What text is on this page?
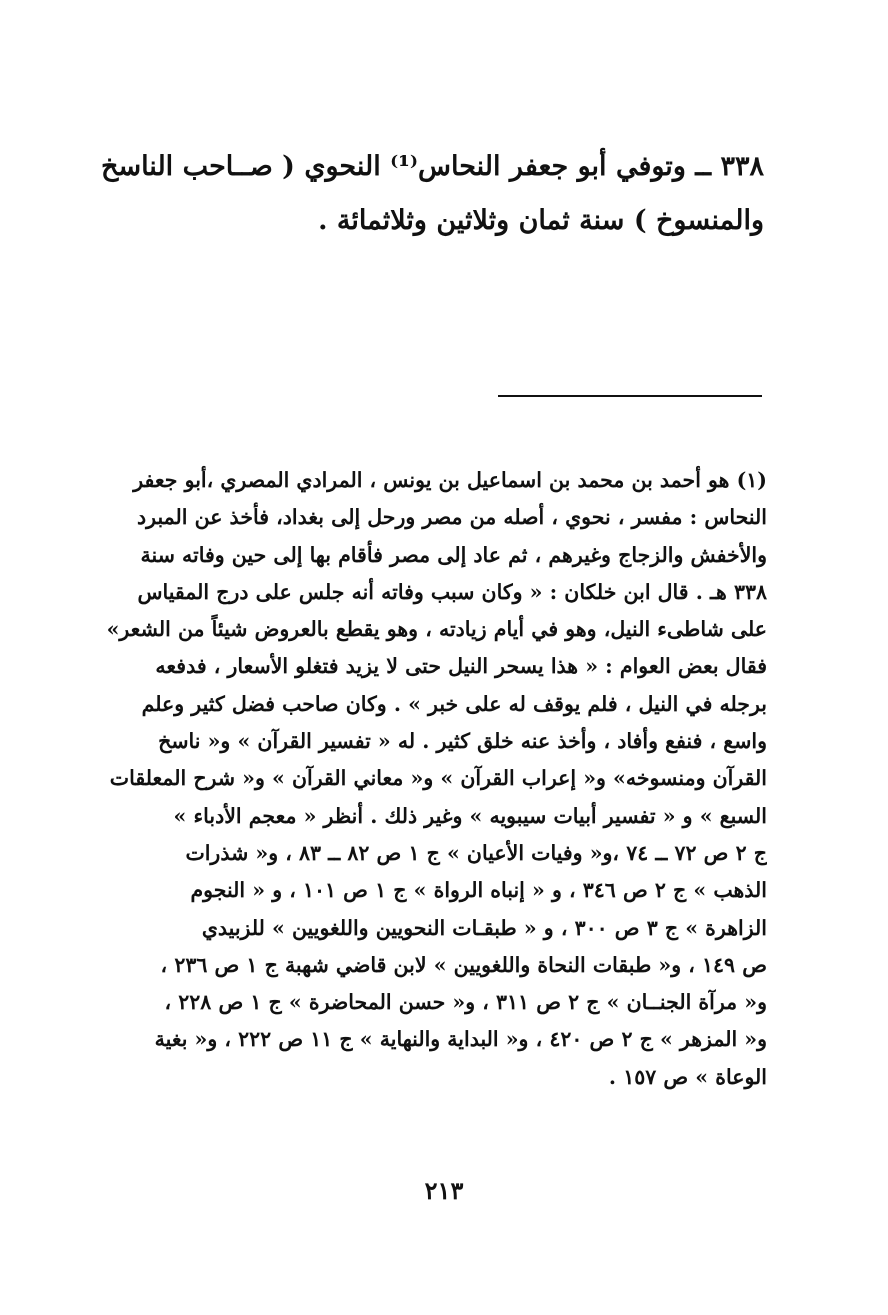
٣٣٨ ــ وتوفي أبو جعفر النحاس⁽¹⁾ النحوي ( صــاحب الناسخ
والمنسوخ ) سنة ثمان وثلاثين وثلاثمائة .
(١) هو أحمد بن محمد بن اسماعيل بن يونس ، المرادي المصري ،أبو جعفر
النحاس : مفسر ، نحوي ، أصله من مصر ورحل إلى بغداد، فأخذ عن المبرد
والأخفش والزجاج وغيرهم ، ثم عاد إلى مصر فأقام بها إلى حين وفاته سنة
٣٣٨ هـ . قال ابن خلكان : « وكان سبب وفاته أنه جلس على درج المقياس
على شاطىء النيل، وهو في أيام زيادته ، وهو يقطع بالعروض شيئاً من الشعر»
فقال بعض العوام : « هذا يسحر النيل حتى لا يزيد فتغلو الأسعار ، فدفعه
برجله في النيل ، فلم يوقف له على خبر » . وكان صاحب فضل كثير وعلم
واسع ، فنفع وأفاد ، وأخذ عنه خلق كثير . له « تفسير القرآن » و« ناسخ
القرآن ومنسوخه» و« إعراب القرآن » و« معاني القرآن » و« شرح المعلقات
السبع » و « تفسير أبيات سيبويه » وغير ذلك . أنظر « معجم الأدباء »
ج ٢ ص ٧٢ ــ ٧٤ ،و« وفيات الأعيان » ج ١ ص ٨٢ ــ ٨٣ ، و« شذرات
الذهب » ج ٢ ص ٣٤٦ ، و « إنباه الرواة » ج ١ ص ١٠١ ، و « النجوم
الزاهرة » ج ٣ ص ٣٠٠ ، و « طبقـات النحويين واللغويين » للزبيدي
ص ١٤٩ ، و« طبقات النحاة واللغويين » لابن قاضي شهبة ج ١ ص ٢٣٦ ،
و« مرآة الجنــان » ج ٢ ص ٣١١ ، و« حسن المحاضرة » ج ١ ص ٢٢٨ ،
و« المزهر » ج ٢ ص ٤٢٠ ، و« البداية والنهاية » ج ١١ ص ٢٢٢ ، و« بغية
الوعاة » ص ١٥٧ .
٢١٣
